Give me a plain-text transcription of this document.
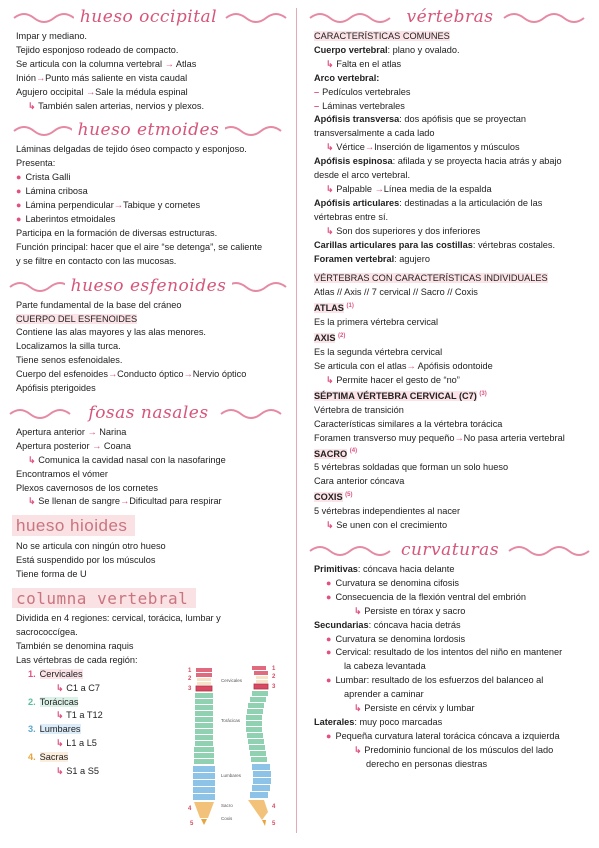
hueso occipital
Impar y mediano.
Tejido esponjoso rodeado de compacto.
Se articula con la columna vertebral → Atlas
Inión→Punto más saliente en vista caudal
Agujero occipital →Sale la médula espinal
↳ También salen arterias, nervios y plexos.
hueso etmoides
Láminas delgadas de tejido óseo compacto y esponjoso.
Presenta:
● Crista Galli
● Lámina cribosa
● Lámina perpendicular→Tabique y cornetes
● Laberintos etmoidales
Participa en la formación de diversas estructuras.
Función principal: hacer que el aire “se detenga”, se caliente
y se filtre en contacto con las mucosas.
hueso esfenoides
Parte fundamental de la base del cráneo
CUERPO DEL ESFENOIDES
Contiene las alas mayores y las alas menores.
Localizamos la silla turca.
Tiene senos esfenoidales.
Cuerpo del esfenoides→Conducto óptico→Nervio óptico
Apófisis pterigoides
fosas nasales
Apertura anterior → Narina
Apertura posterior → Coana
↳ Comunica la cavidad nasal con la nasofaringe
Encontramos el vómer
Plexos cavernosos de los cornetes
↳ Se llenan de sangre→Dificultad para respirar
hueso hioides
No se articula con ningún otro hueso
Está suspendido por los músculos
Tiene forma de U
columna vertebral
Dividida en 4 regiones: cervical, torácica, lumbar y
sacrococcígea.
También se denomina raquis
Las vértebras de cada región:
1. Cervicales
↳ C1 a C7
2. Torácicas
↳ T1 a T12
3. Lumbares
↳ L1 a L5
4. Sacras
↳ S1 a S5
Cervicales
Torácicas
Lumbares
Sacro
Coxis
1
2
3
4
5
1
2
3
4
5
vértebras
CARACTERÍSTICAS COMUNES
Cuerpo vertebral: plano y ovalado.
↳ Falta en el atlas
Arco vertebral:
– Pedículos vertebrales
– Láminas vertebrales
Apófisis transversa: dos apófisis que se proyectan
transversalmente a cada lado
↳ Vértice→Inserción de ligamentos y músculos
Apófisis espinosa: afilada y se proyecta hacia atrás y abajo
desde el arco vertebral.
↳ Palpable →Línea media de la espalda
Apófisis articulares: destinadas a la articulación de las
vértebras entre sí.
↳ Son dos superiores y dos inferiores
Carillas articulares para las costillas: vértebras costales.
Foramen vertebral: agujero
VÉRTEBRAS CON CARACTERÍSTICAS INDIVIDUALES
Atlas // Axis // 7 cervical // Sacro // Coxis
ATLAS $^{(1)}$
Es la primera vértebra cervical
AXIS $^{(2)}$
Es la segunda vértebra cervical
Se articula con el atlas→ Apófisis odontoide
↳ Permite hacer el gesto de “no”
SÉPTIMA VÉRTEBRA CERVICAL (C7) $^{(3)}$
Vértebra de transición
Características similares a la vértebra torácica
Foramen transverso muy pequeño→No pasa arteria vertebral
SACRO $^{(4)}$
5 vértebras soldadas que forman un solo hueso
Cara anterior cóncava
COXIS $^{(5)}$
5 vértebras independientes al nacer
↳ Se unen con el crecimiento
curvaturas
Primitivas: cóncava hacia delante
● Curvatura se denomina cifosis
● Consecuencia de la flexión ventral del embrión
↳ Persiste en tórax y sacro
Secundarias: cóncava hacia detrás
● Curvatura se denomina lordosis
● Cervical: resultado de los intentos del niño en mantener
la cabeza levantada
● Lumbar: resultado de los esfuerzos del balanceo al
aprender a caminar
↳ Persiste en cérvix y lumbar
Laterales: muy poco marcadas
● Pequeña curvatura lateral torácica cóncava a izquierda
↳ Predominio funcional de los músculos del lado
derecho en personas diestras
